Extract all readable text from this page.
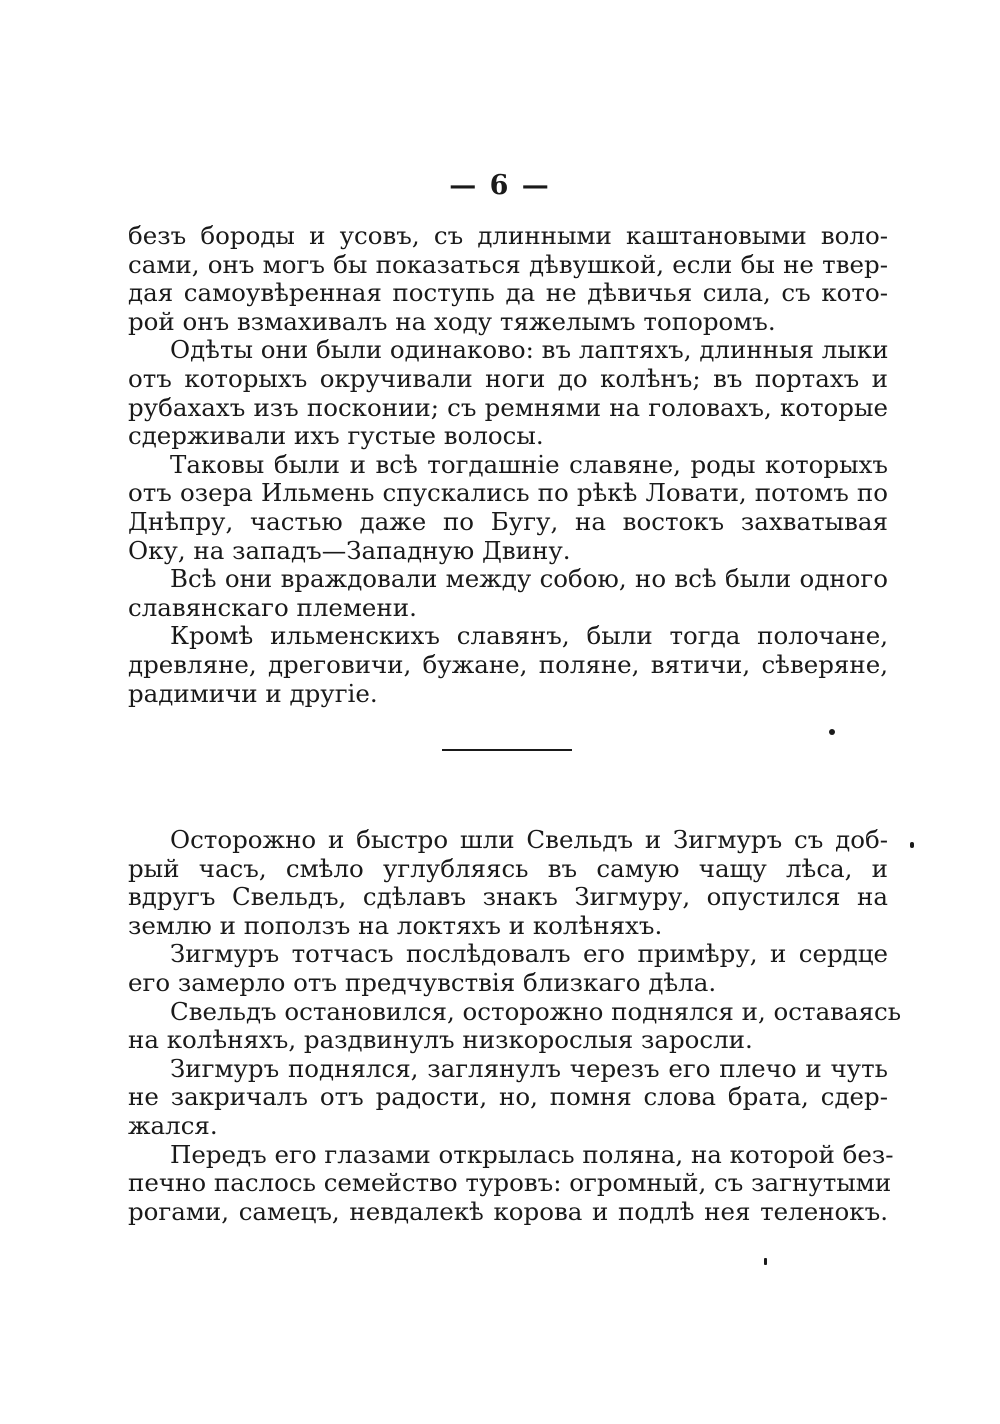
— 6 —
безъ бороды и усовъ, съ длинными каштановыми воло-
сами, онъ могъ бы показаться дѣвушкой, если бы не твер-
дая самоувѣренная поступь да не дѣвичья сила, съ кото-
рой онъ взмахивалъ на ходу тяжелымъ топоромъ.
Одѣты они были одинаково: въ лаптяхъ, длинныя лыки
отъ которыхъ окручивали ноги до колѣнъ; въ портахъ и
рубахахъ изъ посконии; съ ремнями на головахъ, которые
сдерживали ихъ густые волосы.
Таковы были и всѣ тогдашніе славяне, роды которыхъ
отъ озера Ильмень спускались по рѣкѣ Ловати, потомъ по
Днѣпру, частью даже по Бугу, на востокъ захватывая
Оку, на западъ—Западную Двину.
Всѣ они враждовали между собою, но всѣ были одного
славянскаго племени.
Кромѣ ильменскихъ славянъ, были тогда полочане,
древляне, дреговичи, бужане, поляне, вятичи, сѣверяне,
радимичи и другіе.
Осторожно и быстро шли Свельдъ и Зигмуръ съ доб-
рый часъ, смѣло углубляясь въ самую чащу лѣса, и
вдругъ Свельдъ, сдѣлавъ знакъ Зигмуру, опустился на
землю и поползъ на локтяхъ и колѣняхъ.
Зигмуръ тотчасъ послѣдовалъ его примѣру, и сердце
его замерло отъ предчувствія близкаго дѣла.
Свельдъ остановился, осторожно поднялся и, оставаясь
на колѣняхъ, раздвинулъ низкорослыя заросли.
Зигмуръ поднялся, заглянулъ черезъ его плечо и чуть
не закричалъ отъ радости, но, помня слова брата, сдер-
жался.
Передъ его глазами открылась поляна, на которой без-
печно паслось семейство туровъ: огромный, съ загнутыми
рогами, самецъ, невдалекѣ корова и подлѣ нея теленокъ.
